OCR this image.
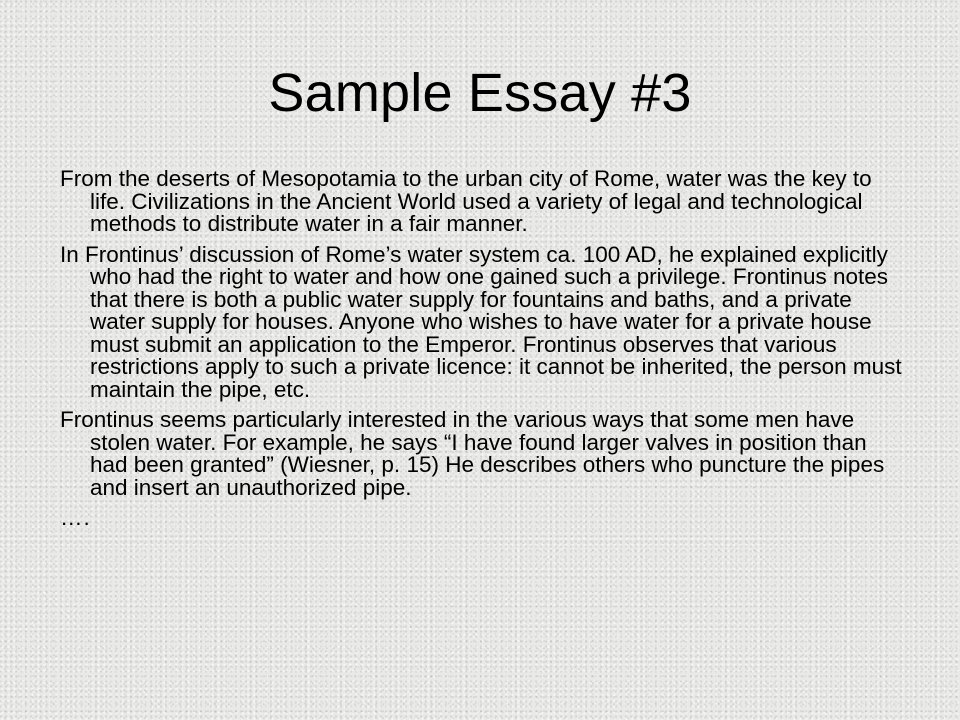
Sample Essay #3

From the deserts of Mesopotamia to the urban city of Rome, water was the key to life. Civilizations in the Ancient World used a variety of legal and technological methods to distribute water in a fair manner.

In Frontinus’ discussion of Rome’s water system ca. 100 AD, he explained explicitly who had the right to water and how one gained such a privilege. Frontinus notes that there is both a public water supply for fountains and baths, and a private water supply for houses. Anyone who wishes to have water for a private house must submit an application to the Emperor. Frontinus observes that various restrictions apply to such a private licence: it cannot be inherited, the person must maintain the pipe, etc.

Frontinus seems particularly interested in the various ways that some men have stolen water. For example, he says “I have found larger valves in position than had been granted” (Wiesner, p. 15) He describes others who puncture the pipes and insert an unauthorized pipe.

….
